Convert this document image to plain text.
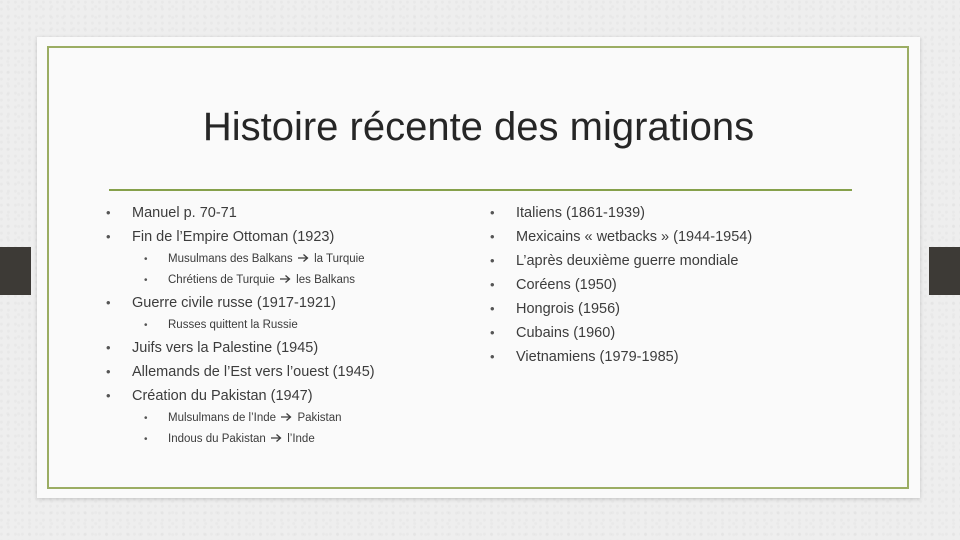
Histoire récente des migrations
•	Manuel p. 70-71
•	Fin de l’Empire Ottoman (1923)
• Musulmans des Balkans la Turquie
• Chrétiens de Turquie les Balkans
•	Guerre civile russe (1917-1921)
• Russes quittent la Russie
•	Juifs vers la Palestine (1945)
•	Allemands de l’Est vers l’ouest (1945)
•	Création du Pakistan (1947)
• Mulsulmans de l’Inde Pakistan
• Indous du Pakistan l’Inde
•	Italiens (1861-1939)
•	Mexicains « wetbacks » (1944-1954)
•	L’après deuxième guerre mondiale
•	Coréens (1950)
•	Hongrois (1956)
•	Cubains (1960)
•	Vietnamiens (1979-1985)
